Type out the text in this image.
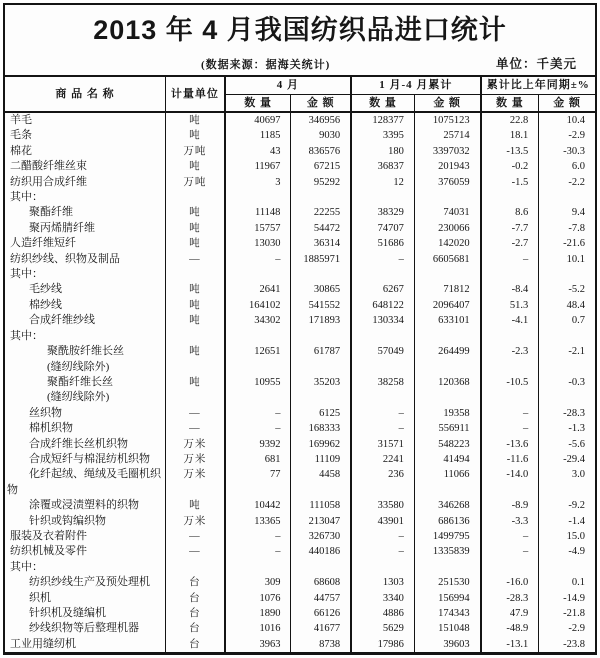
2013 年 4 月我国纺织品进口统计
(数据来源：据海关统计)	单位：千美元
商 品 名 称	计量单位	4 月		1 月-4 月累计		累计比上年同期±%	
		数 量	金 额	数 量	金 额	数 量	金 额

羊毛	吨	40697	346956	128377	1075123	22.8	10.4

毛条	吨	1185	9030	3395	25714	18.1	-2.9

棉花	万吨	43	836576	180	3397032	-13.5	-30.3

二醋酸纤维丝束	吨	11967	67215	36837	201943	-0.2	6.0

纺织用合成纤维	万吨	3	95292	12	376059	-1.5	-2.2

其中：							

聚酯纤维	吨	11148	22255	38329	74031	8.6	9.4

聚丙烯腈纤维	吨	15757	54472	74707	230066	-7.7	-7.8

人造纤维短纤	吨	13030	36314	51686	142020	-2.7	-21.6

纺织纱线、织物及制品	—	–	1885971	–	6605681	–	10.1

其中：							

毛纱线	吨	2641	30865	6267	71812	-8.4	-5.2

棉纱线	吨	164102	541552	648122	2096407	51.3	48.4

合成纤维纱线	吨	34302	171893	130334	633101	-4.1	0.7

其中：							

聚酰胺纤维长丝
(缝纫线除外)	吨	12651	61787	57049	264499	-2.3	-2.1

聚酯纤维长丝
(缝纫线除外)	吨	10955	35203	38258	120368	-10.5	-0.3

丝织物	—	–	6125	–	19358	–	-28.3

棉机织物	—	–	168333	–	556911	–	-1.3

合成纤维长丝机织物	万米	9392	169962	31571	548223	-13.6	-5.6

合成短纤与棉混纺机织物	万米	681	11109	2241	41494	-11.6	-29.4

化纤起绒、绳绒及毛圈机织
物	万米	77	4458	236	11066	-14.0	3.0

涂覆或浸渍塑料的织物	吨	10442	111058	33580	346268	-8.9	-9.2

针织或钩编织物	万米	13365	213047	43901	686136	-3.3	-1.4

服装及衣着附件	—	–	326730	–	1499795	–	15.0

纺织机械及零件	—	–	440186	–	1335839	–	-4.9

其中：							

纺织纱线生产及预处理机	台	309	68608	1303	251530	-16.0	0.1

织机	台	1076	44757	3340	156994	-28.3	-14.9

针织机及缝编机	台	1890	66126	4886	174343	47.9	-21.8

纱线织物等后整理机器	台	1016	41677	5629	151048	-48.9	-2.9

工业用缝纫机	台	3963	8738	17986	39603	-13.1	-23.8
